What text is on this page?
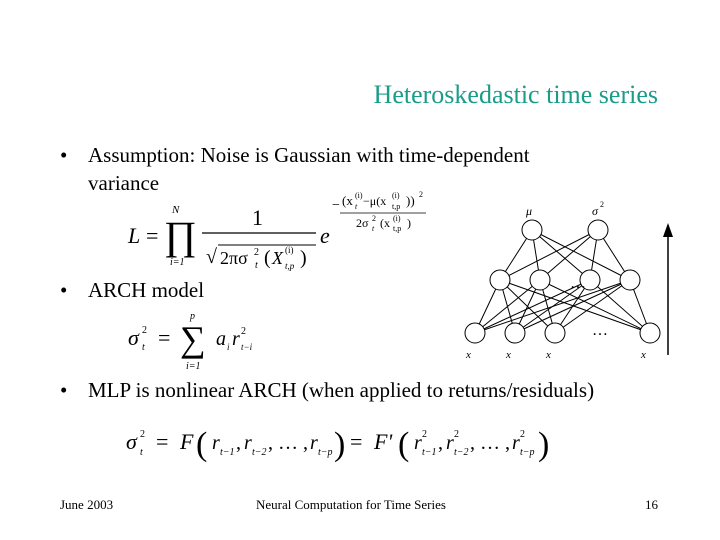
Heteroskedastic time series
• Assumption: Noise is Gaussian with time-dependent
variance
L = ∏
N
i=1
1
√ 2πσ 2
t ( X (i)
t,p )
e
− (x (i)
t −μ(x (i)
t,p )) 2
2σ 2
t (x (i)
t,p )
• ARCH model
σ 2
t = ∑
p
i=1
a i r 2
t−i
μ	σ 2
…
…
x	x	x	x
• MLP is nonlinear ARCH (when applied to returns/residuals)
σ 2
t = F ( r t−1 , r t−2 , … , r t−p ) = F' ( r 2
t−1 , r 2
t−2 , … , r 2
t−p )
June 2003	Neural Computation for Time Series	16
